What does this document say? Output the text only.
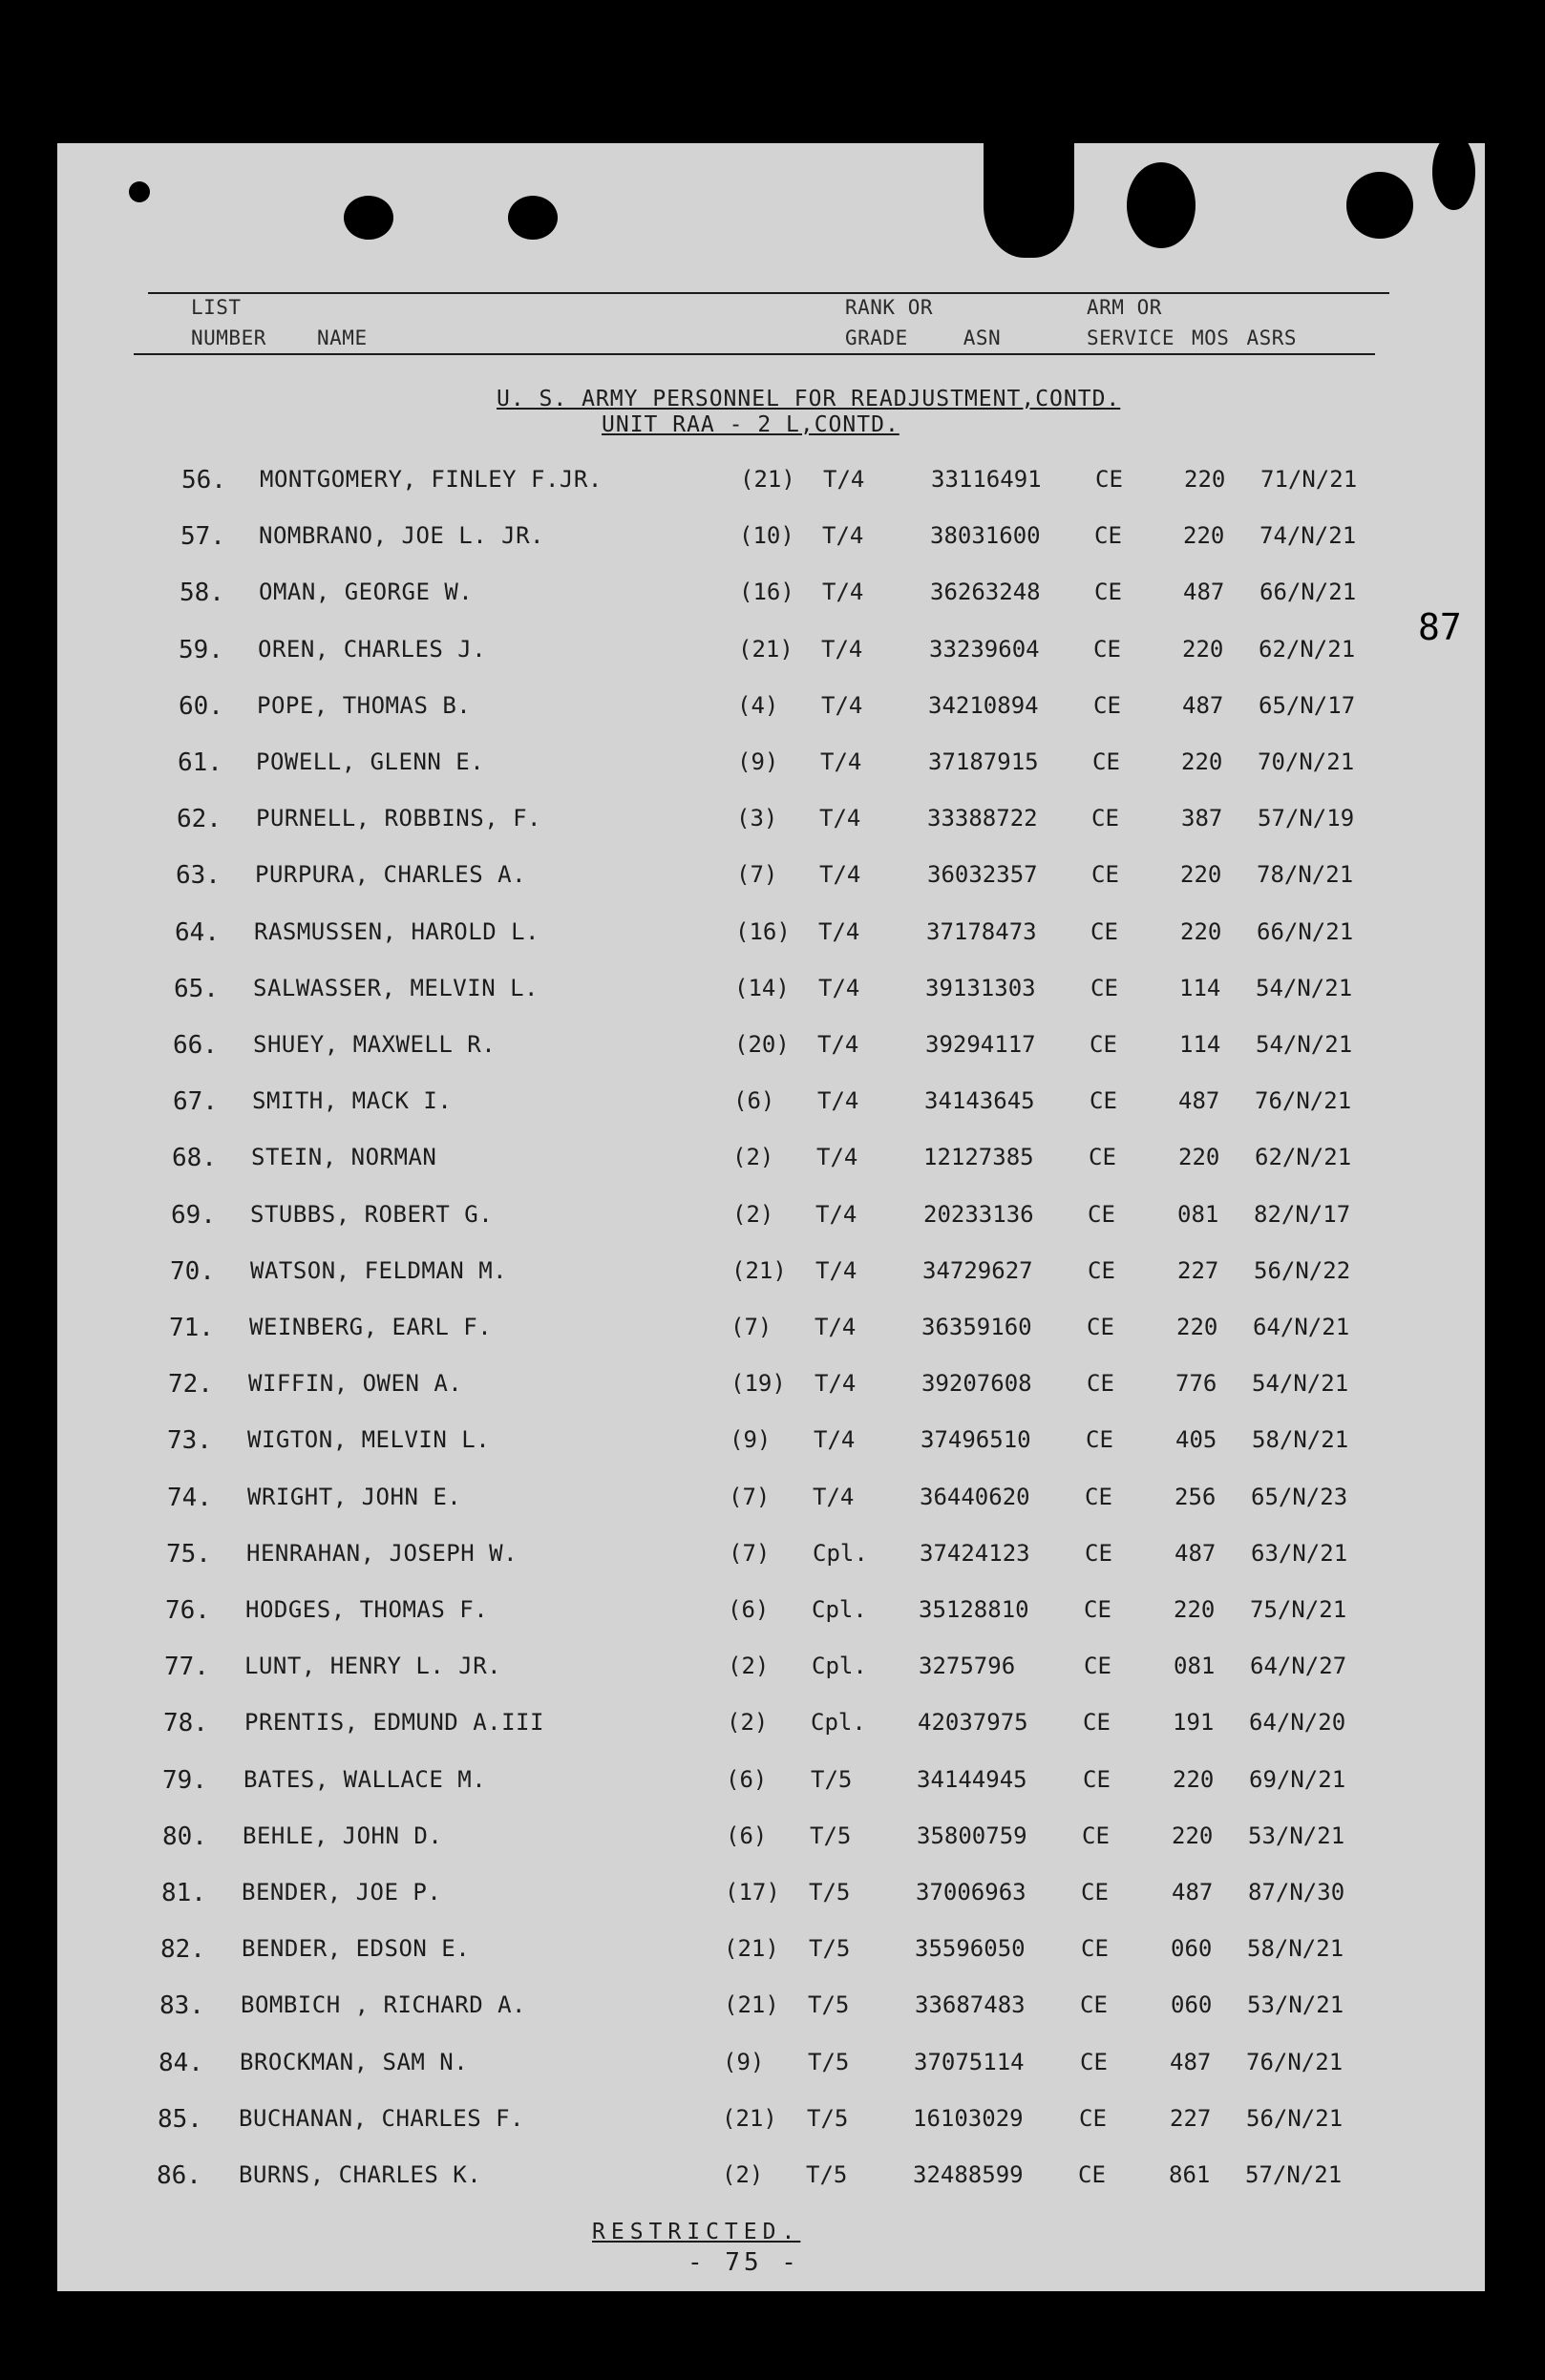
LIST
NUMBER	NAME
RANK OR
GRADE	ASN
ARM OR
SERVICE MOS ASRS
U. S. ARMY PERSONNEL FOR READJUSTMENT,CONTD.
UNIT RAA - 2 L,CONTD.
87
56. MONTGOMERY, FINLEY F.JR.	(21) T/4	33116491 CE	220 71/N/21
57. NOMBRANO, JOE L. JR.	(10) T/4	38031600 CE	220 74/N/21
58. OMAN, GEORGE W.	(16) T/4	36263248 CE	487 66/N/21
59. OREN, CHARLES J.	(21) T/4	33239604 CE	220 62/N/21
60. POPE, THOMAS B.	(4) T/4	34210894 CE	487 65/N/17
61. POWELL, GLENN E.	(9) T/4	37187915 CE	220 70/N/21
62. PURNELL, ROBBINS, F.	(3) T/4	33388722 CE	387 57/N/19
63. PURPURA, CHARLES A.	(7) T/4	36032357 CE	220 78/N/21
64. RASMUSSEN, HAROLD L.	(16) T/4	37178473 CE	220 66/N/21
65. SALWASSER, MELVIN L.	(14) T/4	39131303 CE	114 54/N/21
66. SHUEY, MAXWELL R.	(20) T/4	39294117 CE	114 54/N/21
67. SMITH, MACK I.	(6) T/4	34143645 CE	487 76/N/21
68. STEIN, NORMAN	(2) T/4	12127385 CE	220 62/N/21
69. STUBBS, ROBERT G.	(2) T/4	20233136 CE	081 82/N/17
70. WATSON, FELDMAN M.	(21) T/4	34729627 CE	227 56/N/22
71. WEINBERG, EARL F.	(7) T/4	36359160 CE	220 64/N/21
72. WIFFIN, OWEN A.	(19) T/4	39207608 CE	776 54/N/21
73. WIGTON, MELVIN L.	(9) T/4	37496510 CE	405 58/N/21
74. WRIGHT, JOHN E.	(7) T/4	36440620 CE	256 65/N/23
75. HENRAHAN, JOSEPH W.	(7) Cpl. 37424123 CE	487 63/N/21
76. HODGES, THOMAS F.	(6) Cpl. 35128810 CE	220 75/N/21
77. LUNT, HENRY L. JR.	(2) Cpl. 3275796	CE	081 64/N/27
78. PRENTIS, EDMUND A.III	(2) Cpl. 42037975 CE	191 64/N/20
79. BATES, WALLACE M.	(6) T/5	34144945 CE	220 69/N/21
80. BEHLE, JOHN D.	(6) T/5	35800759 CE	220 53/N/21
81. BENDER, JOE P.	(17) T/5	37006963 CE	487 87/N/30
82. BENDER, EDSON E.	(21) T/5	35596050 CE	060 58/N/21
83. BOMBICH , RICHARD A.	(21) T/5	33687483 CE	060 53/N/21
84. BROCKMAN, SAM N.	(9) T/5	37075114 CE	487 76/N/21
85. BUCHANAN, CHARLES F.	(21) T/5	16103029 CE	227 56/N/21
86. BURNS, CHARLES K.	(2) T/5	32488599 CE	861 57/N/21
RESTRICTED.
- 75 -
